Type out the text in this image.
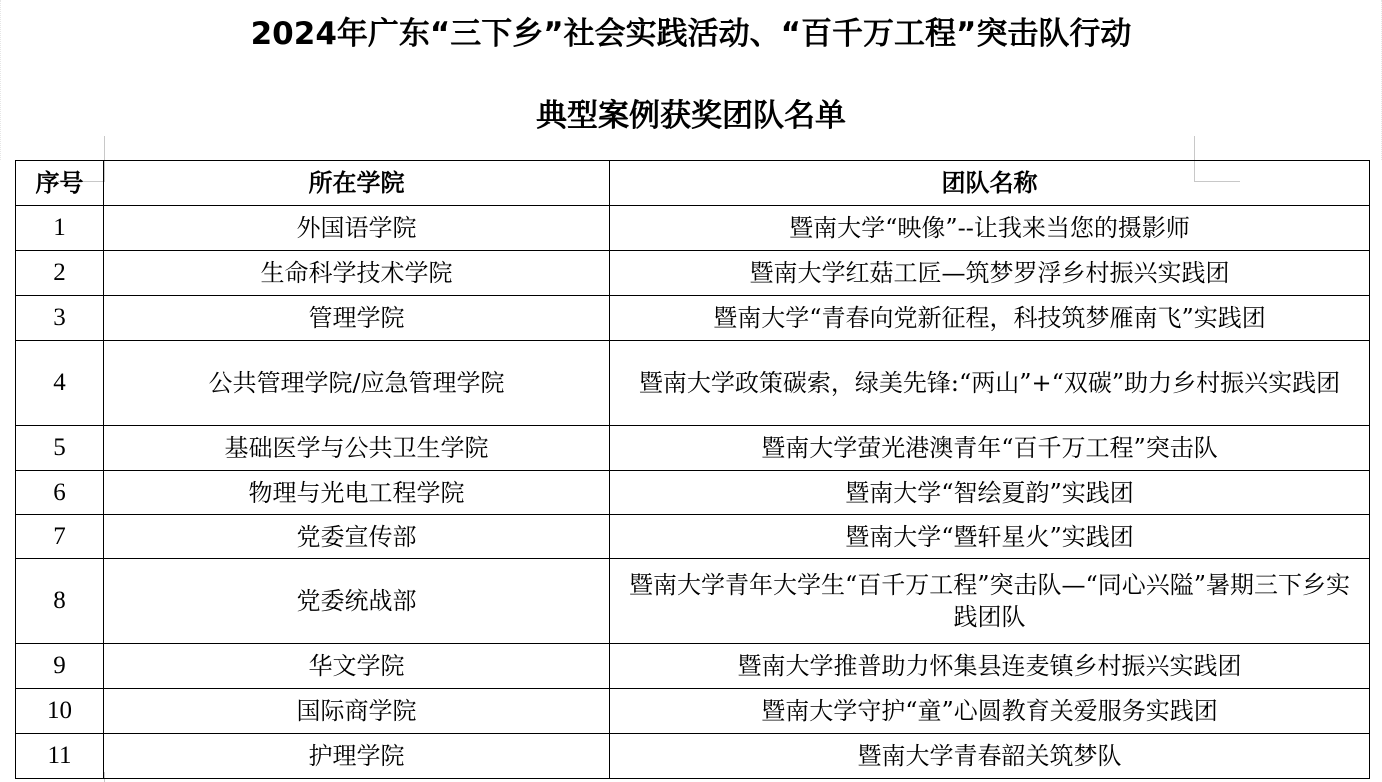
2024年广东“三下乡”社会实践活动、“百千万工程”突击队行动
典型案例获奖团队名单
序号	所在学院	团队名称
1	外国语学院	暨南大学“映像”--让我来当您的摄影师
2	生命科学技术学院	暨南大学红菇工匠—筑梦罗浮乡村振兴实践团
3	管理学院	暨南大学“青春向党新征程，科技筑梦雁南飞”实践团
4	公共管理学院/应急管理学院	暨南大学政策碳索，绿美先锋:“两山”+“双碳”助力乡村振兴实践团
5	基础医学与公共卫生学院	暨南大学萤光港澳青年“百千万工程”突击队
6	物理与光电工程学院	暨南大学“智绘夏韵”实践团
7	党委宣传部	暨南大学“暨轩星火”实践团
8	党委统战部	暨南大学青年大学生“百千万工程”突击队—“同心兴隘”暑期三下乡实践团队
9	华文学院	暨南大学推普助力怀集县连麦镇乡村振兴实践团
10	国际商学院	暨南大学守护“童”心圆教育关爱服务实践团
11	护理学院	暨南大学青春韶关筑梦队
